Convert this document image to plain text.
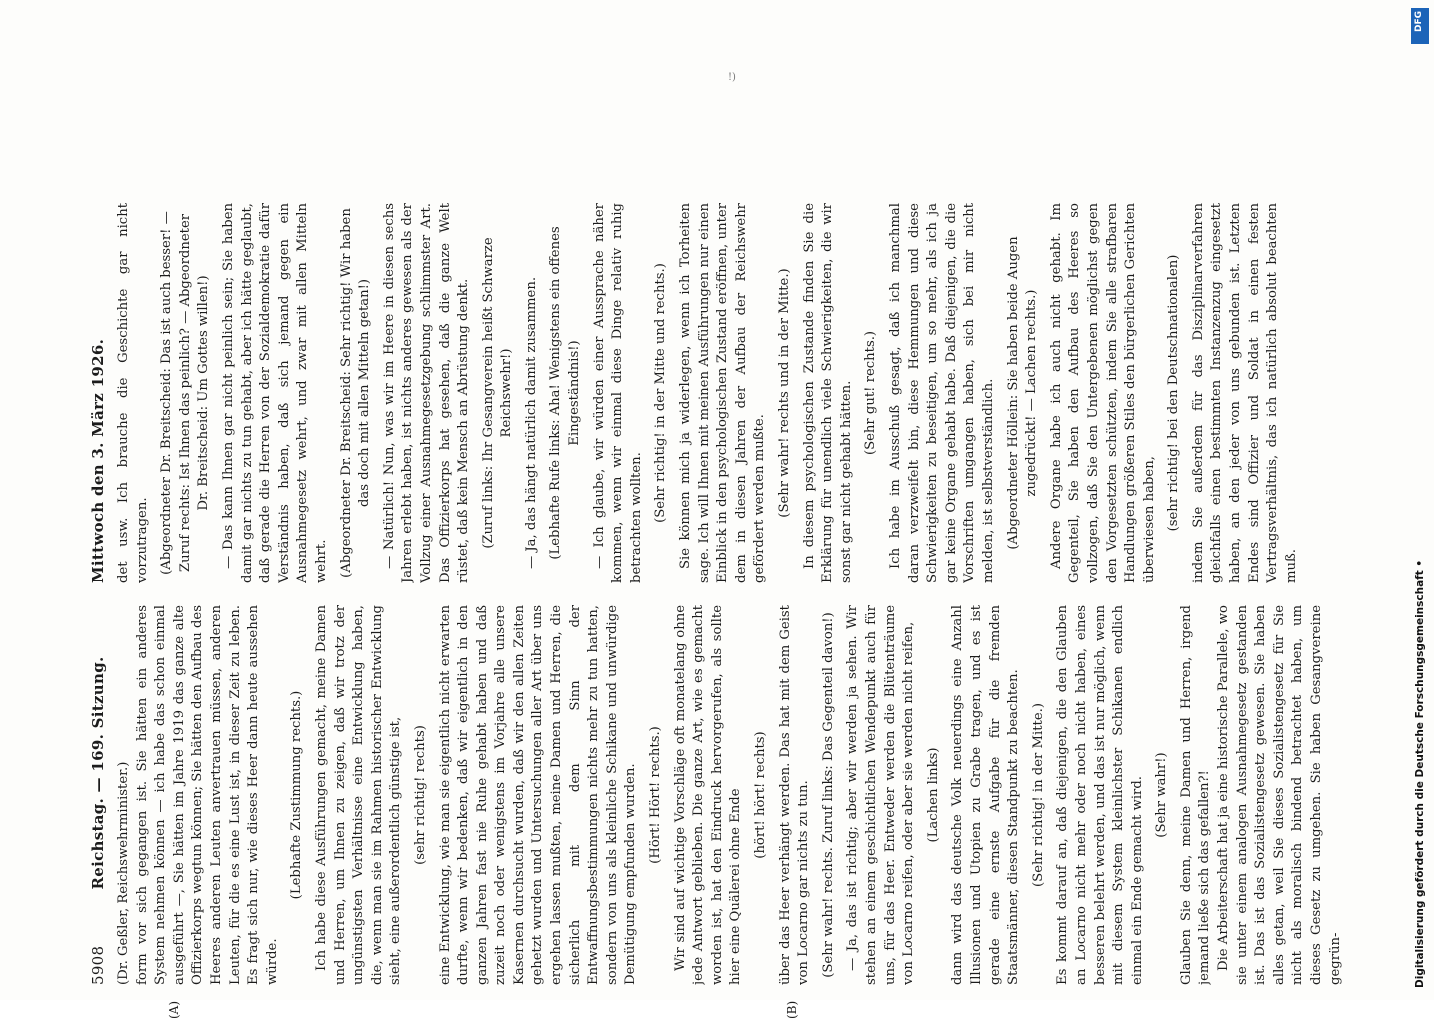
5908
Reichstag. — 169. Sitzung. (Dr. Geßler, Reichswehrminister.) form vor sich gegangen ist. Sie hätten ein anderes System nehmen können — ich habe das schon einmal ausgeführt —, Sie hätten im Jahre 1919 das ganze alte Offizierkorps wegtun können; Sie hätten den Aufbau des Heeres anderen Leuten anvertrauen müssen, anderen Leuten, für die es eine Lust ist, in dieser Zeit zu leben. Es fragt sich nur, wie dieses Heer dann heute aussehen würde.

(Lebhafte Zustimmung rechts.) Ich habe diese Ausführungen gemacht, meine Damen und Herren, um Ihnen zu zeigen, daß wir trotz der ungünstigsten Verhältnisse eine Entwicklung haben, die, wenn man sie im Rahmen historischer Entwicklung sieht, eine außerordentlich günstige ist, (sehr richtig! rechts) eine Entwicklung, wie man sie eigentlich nicht erwarten durfte, wenn wir bedenken, daß wir eigentlich in den ganzen Jahren fast nie Ruhe gehabt haben und daß zuzeit noch oder wenigstens im Vorjahre alle unsere Kasernen durchsucht wurden, daß wir den allen Zeiten gehetzt wurden und Untersuchungen aller Art über uns ergehen lassen mußten, meine Damen und Herren, die sicherlich mit dem Sinn der Entwaffnungsbestimmungen nichts mehr zu tun hatten, sondern von uns als kleinliche Schikane und unwürdige Demütigung empfunden wurden. (Hört! Hört! rechts.) Wir sind auf wichtige Vorschläge oft monatelang ohne jede Antwort geblieben. Die ganze Art, wie es gemacht worden ist, hat den Eindruck hervorgerufen, als sollte hier eine Quälerei ohne Ende (hört! hört! rechts) über das Heer verhängt werden. Das hat mit dem Geist von Locarno gar nichts zu tun. (Sehr wahr! rechts. Zuruf links: Das Gegenteil davon!) — Ja, das ist richtig; aber wir werden ja sehen. Wir stehen an einem geschichtlichen Wendepunkt auch für uns, für das Heer. Entweder werden die Blütenträume von Locarno reifen, oder aber sie werden nicht reifen, (Lachen links) dann wird das deutsche Volk neuerdings eine Anzahl Illusionen und Utopien zu Grabe tragen, und es ist gerade eine ernste Aufgabe für die fremden Staatsmänner, diesen Standpunkt zu beachten. (Sehr richtig! in der Mitte.) Es kommt darauf an, daß diejenigen, die den Glauben an Locarno nicht mehr oder noch nicht haben, eines besseren belehrt werden, und das ist nur möglich, wenn mit diesem System kleinlichster Schikanen endlich einmal ein Ende gemacht wird. (Sehr wahr!) Glauben Sie denn, meine Damen und Herren, irgend jemand ließe sich das gefallen?! Die Arbeiterschaft hat ja eine historische Parallele, wo sie unter einem analogen Ausnahmegesetz gestanden ist. Das ist das Sozialistengesetz gewesen. Sie haben alles getan, weil Sie dieses Sozialistengesetz für Sie nicht als moralisch bindend betrachtet haben, um dieses Gesetz zu umgehen. Sie haben Gesangvereine gegrün-

(A)	(B)
Mittwoch den 3. März 1926. det usw. Ich brauche die Geschichte gar nicht vorzutragen. (Abgeordneter Dr. Breitscheid: Das ist auch besser! — Zuruf rechts: Ist Ihnen das peinlich? — Abgeordneter Dr. Breitscheid: Um Gottes willen!) — Das kann Ihnen gar nicht peinlich sein; Sie haben damit gar nichts zu tun gehabt, aber ich hätte geglaubt, daß gerade die Herren von der Sozialdemokratie dafür Verständnis haben, daß sich jemand gegen ein Ausnahmegesetz wehrt, und zwar mit allen Mitteln wehrt. (Abgeordneter Dr. Breitscheid: Sehr richtig! Wir haben das doch mit allen Mitteln getan!) — Natürlich! Nun, was wir im Heere in diesen sechs Jahren erlebt haben, ist nichts anderes gewesen als der Vollzug einer Ausnahmegesetzgebung schlimmster Art. Das Offizierkorps hat gesehen, daß die ganze Welt rüstet, daß kein Mensch an Abrüstung denkt. (Zuruf links: Ihr Gesangverein heißt Schwarze Reichswehr!) — Ja, das hängt natürlich damit zusammen. (Lebhafte Rufe links: Aha! Wenigstens ein offenes Eingeständnis!) — Ich glaube, wir würden einer Aussprache näher kommen, wenn wir einmal diese Dinge relativ ruhig betrachten wollten. (Sehr richtig! in der Mitte und rechts.) Sie können mich ja widerlegen, wenn ich Torheiten sage. Ich will Ihnen mit meinen Ausführungen nur einen Einblick in den psychologischen Zustand eröffnen, unter dem in diesen Jahren der Aufbau der Reichswehr gefördert werden mußte. (Sehr wahr! rechts und in der Mitte.) In diesem psychologischen Zustande finden Sie die Erklärung für unendlich viele Schwierigkeiten, die wir sonst gar nicht gehabt hätten. (Sehr gut! rechts.) Ich habe im Ausschuß gesagt, daß ich manchmal daran verzweifelt bin, diese Hemmungen und diese Schwierigkeiten zu beseitigen, um so mehr, als ich ja gar keine Organe gehabt habe. Daß diejenigen, die die Vorschriften umgangen haben, sich bei mir nicht melden, ist selbstverständlich. (Abgeordneter Höllein: Sie haben beide Augen zugedrückt! — Lachen rechts.) Andere Organe habe ich auch nicht gehabt. Im Gegenteil, Sie haben den Aufbau des Heeres so vollzogen, daß Sie den Untergebenen möglichst gegen den Vorgesetzten schützten, indem Sie alle strafbaren Handlungen größeren Stiles den bürgerlichen Gerichten überwiesen haben, (sehr richtig! bei den Deutschnationalen) indem Sie außerdem für das Disziplinarverfahren gleichfalls einen bestimmten Instanzenzug eingesetzt haben, an den jeder von uns gebunden ist. Letzten Endes sind Offizier und Soldat in einen festen Vertragsverhältnis, das ich natürlich absolut beachten muß.

!)
Digitalisierung gefördert durch die Deutsche Forschungsgemeinschaft •
DFG
